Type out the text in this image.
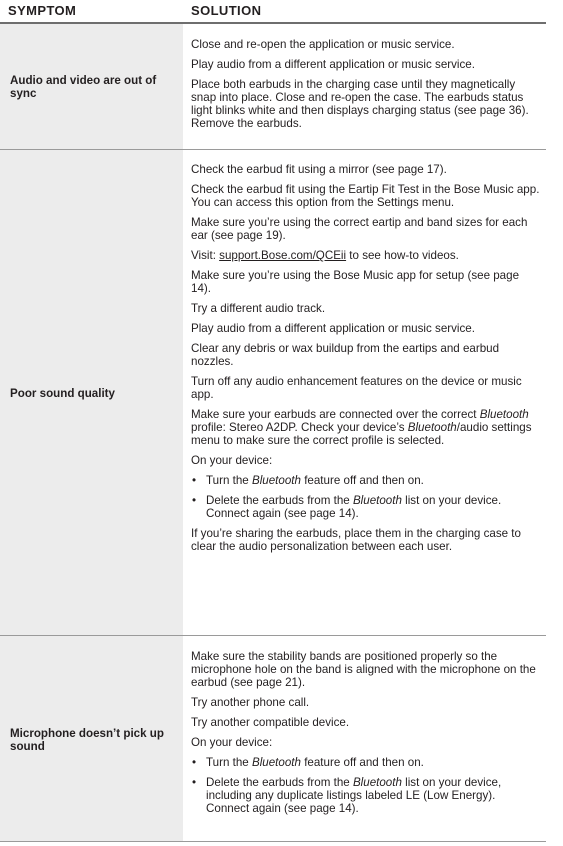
SYMPTOM	SOLUTION
Audio and video are out of sync

Close and re-open the application or music service.

Play audio from a different application or music service.

Place both earbuds in the charging case until they magnetically snap into place. Close and re-open the case. The earbuds status light blinks white and then displays charging status (see page 36). Remove the earbuds.

Poor sound quality

Check the earbud fit using a mirror (see page 17).

Check the earbud fit using the Eartip Fit Test in the Bose Music app. You can access this option from the Settings menu.

Make sure you’re using the correct eartip and band sizes for each ear (see page 19).

Visit: support.Bose.com/QCEii to see how-to videos.

Make sure you’re using the Bose Music app for setup (see page 14).

Try a different audio track.

Play audio from a different application or music service.

Clear any debris or wax buildup from the eartips and earbud nozzles.

Turn off any audio enhancement features on the device or music app.

Make sure your earbuds are connected over the correct Bluetooth profile: Stereo A2DP. Check your device’s Bluetooth/audio settings menu to make sure the correct profile is selected.

On your device:

• Turn the Bluetooth feature off and then on.

• Delete the earbuds from the Bluetooth list on your device. Connect again (see page 14).

If you’re sharing the earbuds, place them in the charging case to clear the audio personalization between each user.

Microphone doesn’t pick up sound

Make sure the stability bands are positioned properly so the microphone hole on the band is aligned with the microphone on the earbud (see page 21).

Try another phone call.

Try another compatible device.

On your device:

• Turn the Bluetooth feature off and then on.

• Delete the earbuds from the Bluetooth list on your device, including any duplicate listings labeled LE (Low Energy). Connect again (see page 14).
